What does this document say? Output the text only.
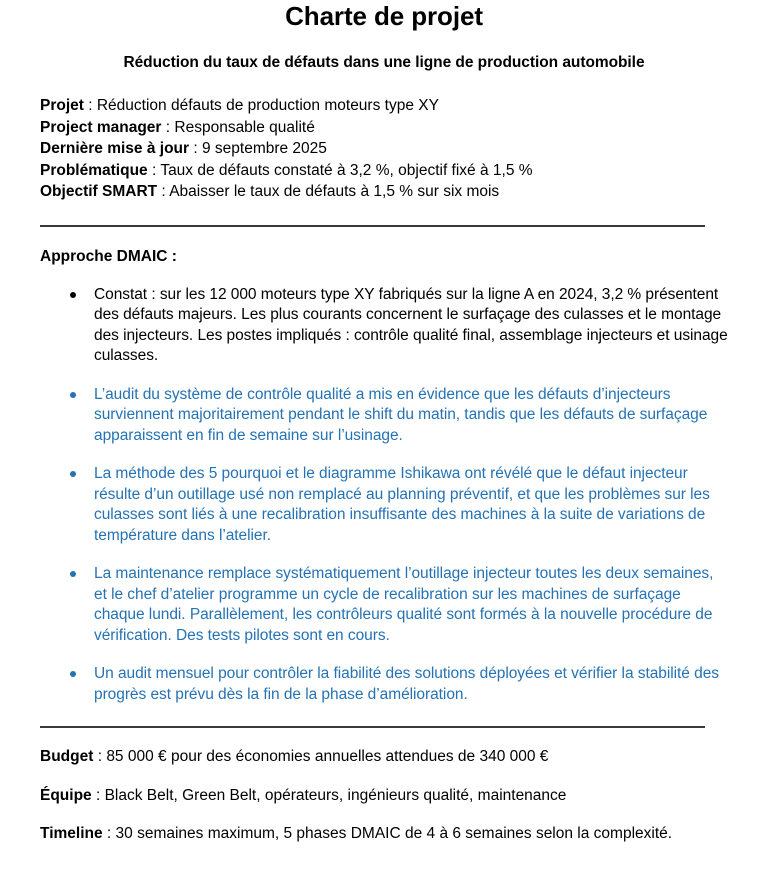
Charte de projet
Réduction du taux de défauts dans une ligne de production automobile
Projet : Réduction défauts de production moteurs type XY
Project manager : Responsable qualité
Dernière mise à jour : 9 septembre 2025
Problématique : Taux de défauts constaté à 3,2 %, objectif fixé à 1,5 %
Objectif SMART : Abaisser le taux de défauts à 1,5 % sur six mois
Approche DMAIC :
Constat : sur les 12 000 moteurs type XY fabriqués sur la ligne A en 2024, 3,2 % présentent des défauts majeurs. Les plus courants concernent le surfaçage des culasses et le montage des injecteurs. Les postes impliqués : contrôle qualité final, assemblage injecteurs et usinage culasses.
L’audit du système de contrôle qualité a mis en évidence que les défauts d’injecteurs surviennent majoritairement pendant le shift du matin, tandis que les défauts de surfaçage apparaissent en fin de semaine sur l’usinage.
La méthode des 5 pourquoi et le diagramme Ishikawa ont révélé que le défaut injecteur résulte d’un outillage usé non remplacé au planning préventif, et que les problèmes sur les culasses sont liés à une recalibration insuffisante des machines à la suite de variations de température dans l’atelier.
La maintenance remplace systématiquement l’outillage injecteur toutes les deux semaines, et le chef d’atelier programme un cycle de recalibration sur les machines de surfaçage chaque lundi. Parallèlement, les contrôleurs qualité sont formés à la nouvelle procédure de vérification. Des tests pilotes sont en cours.
Un audit mensuel pour contrôler la fiabilité des solutions déployées et vérifier la stabilité des progrès est prévu dès la fin de la phase d’amélioration.
Budget : 85 000 € pour des économies annuelles attendues de 340 000 €
Équipe : Black Belt, Green Belt, opérateurs, ingénieurs qualité, maintenance
Timeline : 30 semaines maximum, 5 phases DMAIC de 4 à 6 semaines selon la complexité.
